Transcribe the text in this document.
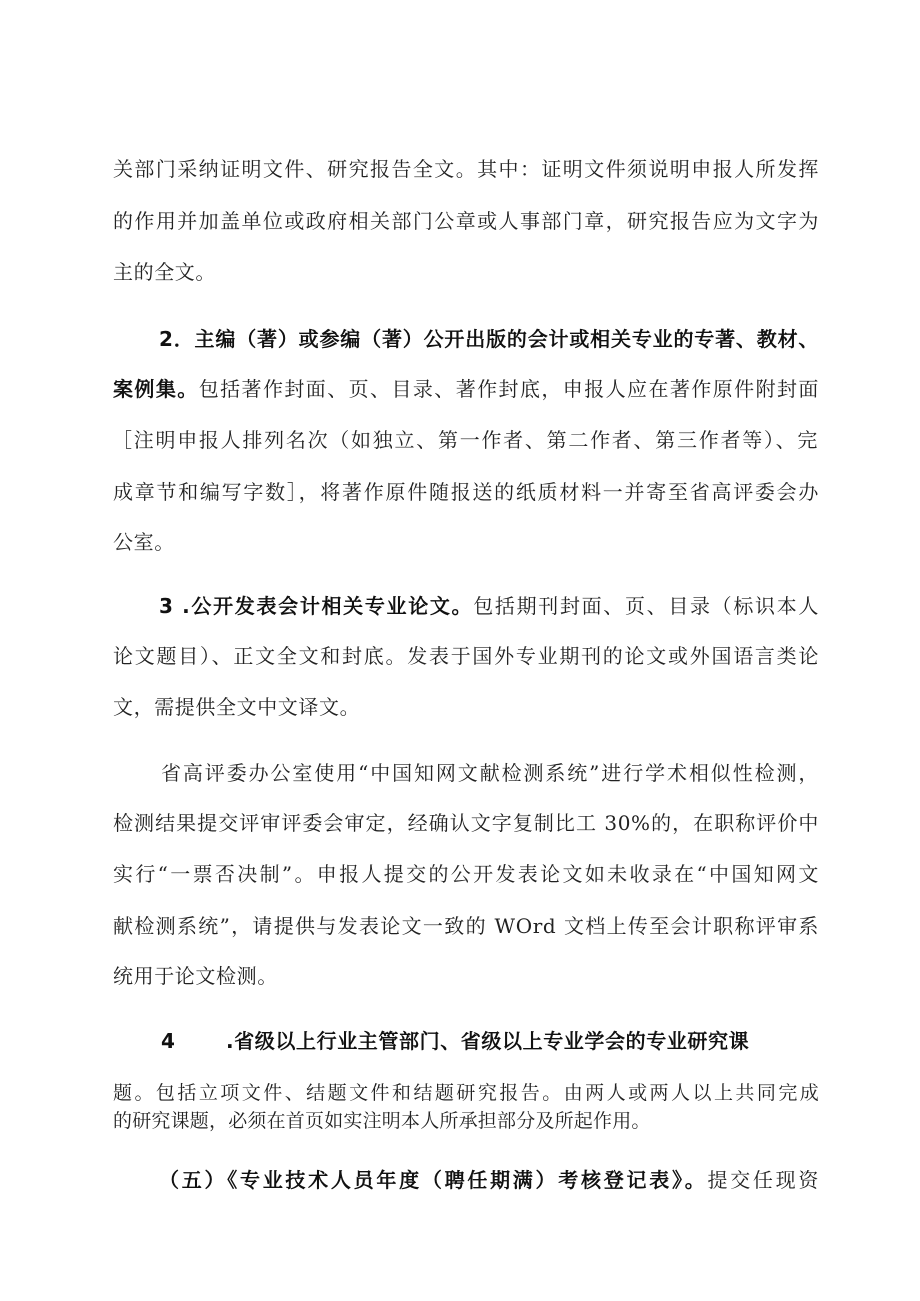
关部门采纳证明文件、研究报告全文。其中：证明文件须说明申报人所发挥
的作用并加盖单位或政府相关部门公章或人事部门章，研究报告应为文字为
主的全文。
2．主编（著）或参编（著）公开出版的会计或相关专业的专著、教材、
案例集。包括著作封面、页、目录、著作封底，申报人应在著作原件附封面
［注明申报人排列名次（如独立、第一作者、第二作者、第三作者等）、完
成章节和编写字数］，将著作原件随报送的纸质材料一并寄至省高评委会办
公室。
3 .公开发表会计相关专业论文。包括期刊封面、页、目录（标识本人
论文题目）、正文全文和封底。发表于国外专业期刊的论文或外国语言类论
文，需提供全文中文译文。
省高评委办公室使用“中国知网文献检测系统”进行学术相似性检测，
检测结果提交评审评委会审定，经确认文字复制比工 30%的，在职称评价中
实行“一票否决制”。申报人提交的公开发表论文如未收录在“中国知网文
献检测系统”，请提供与发表论文一致的 WOrd 文档上传至会计职称评审系
统用于论文检测。
4	.省级以上行业主管部门、省级以上专业学会的专业研究课
题。包括立项文件、结题文件和结题研究报告。由两人或两人以上共同完成
的研究课题，必须在首页如实注明本人所承担部分及所起作用。
（五）《专业技术人员年度（聘任期满）考核登记表》。提交任现资
